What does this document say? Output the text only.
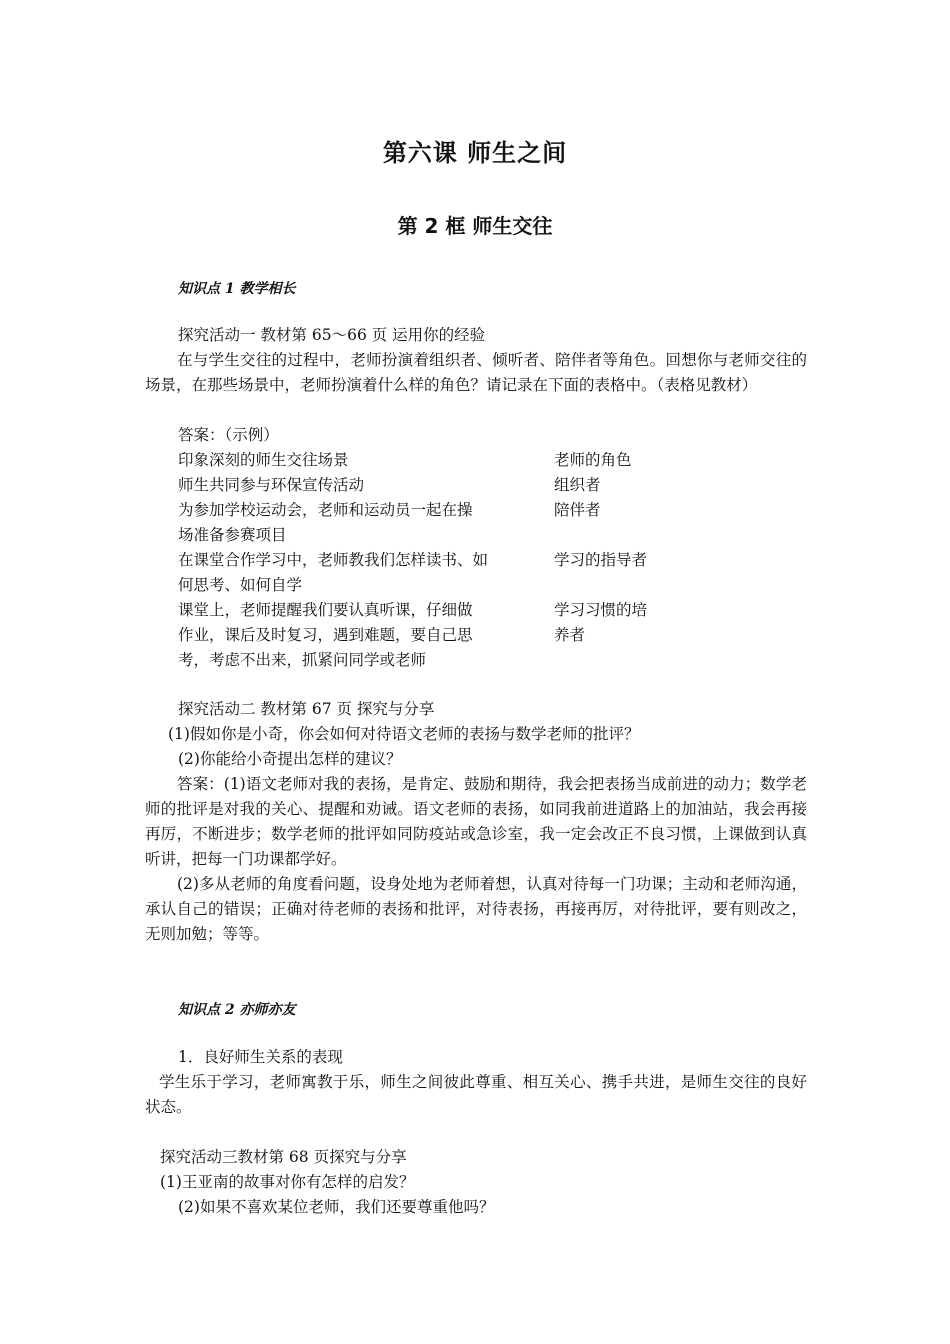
第六课 师生之间
第 2 框 师生交往
知识点 1 教学相长
探究活动一 教材第 65～66 页 运用你的经验
在与学生交往的过程中，老师扮演着组织者、倾听者、陪伴者等角色。回想你与老师交往的场景，在那些场景中，老师扮演着什么样的角色？请记录在下面的表格中。（表格见教材）
答案：（示例）
印象深刻的师生交往场景	老师的角色
师生共同参与环保宣传活动	组织者
为参加学校运动会，老师和运动员一起在操场准备参赛项目
陪伴者
在课堂合作学习中，老师教我们怎样读书、如何思考、如何自学
学习的指导者
课堂上，老师提醒我们要认真听课，仔细做作业，课后及时复习，遇到难题，要自己思考，考虑不出来，抓紧问同学或老师
学习习惯的培养者
探究活动二 教材第 67 页 探究与分享
(1)假如你是小奇，你会如何对待语文老师的表扬与数学老师的批评？
(2)你能给小奇提出怎样的建议？
答案：(1)语文老师对我的表扬，是肯定、鼓励和期待，我会把表扬当成前进的动力；数学老师的批评是对我的关心、提醒和劝诫。语文老师的表扬，如同我前进道路上的加油站，我会再接再厉，不断进步；数学老师的批评如同防疫站或急诊室，我一定会改正不良习惯，上课做到认真听讲，把每一门功课都学好。
(2)多从老师的角度看问题，设身处地为老师着想，认真对待每一门功课；主动和老师沟通，承认自己的错误；正确对待老师的表扬和批评，对待表扬，再接再厉，对待批评，要有则改之，无则加勉；等等。
知识点 2 亦师亦友
1．良好师生关系的表现
学生乐于学习，老师寓教于乐，师生之间彼此尊重、相互关心、携手共进，是师生交往的良好状态。
探究活动三教材第 68 页探究与分享
(1)王亚南的故事对你有怎样的启发？
(2)如果不喜欢某位老师，我们还要尊重他吗？
